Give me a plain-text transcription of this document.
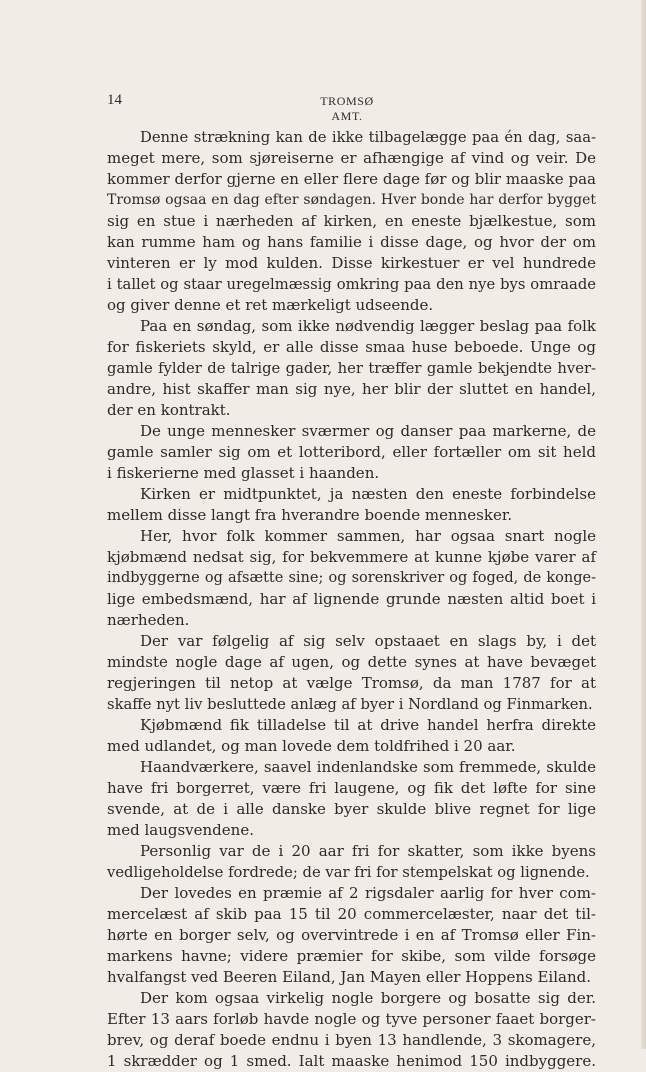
14	TROMSØ AMT.
Denne strækning kan de ikke tilbagelægge paa én dag, saa-
meget mere, som sjøreiserne er afhængige af vind og veir. De
kommer derfor gjerne en eller flere dage før og blir maaske paa
Tromsø ogsaa en dag efter søndagen. Hver bonde har derfor bygget
sig en stue i nærheden af kirken, en eneste bjælkestue, som
kan rumme ham og hans familie i disse dage, og hvor der om
vinteren er ly mod kulden. Disse kirkestuer er vel hundrede
i tallet og staar uregelmæssig omkring paa den nye bys omraade
og giver denne et ret mærkeligt udseende.
Paa en søndag, som ikke nødvendig lægger beslag paa folk
for fiskeriets skyld, er alle disse smaa huse beboede. Unge og
gamle fylder de talrige gader, her træffer gamle bekjendte hver-
andre, hist skaffer man sig nye, her blir der sluttet en handel,
der en kontrakt.
De unge mennesker sværmer og danser paa markerne, de
gamle samler sig om et lotteribord, eller fortæller om sit held
i fiskerierne med glasset i haanden.
Kirken er midtpunktet, ja næsten den eneste forbindelse
mellem disse langt fra hverandre boende mennesker.
Her, hvor folk kommer sammen, har ogsaa snart nogle
kjøbmænd nedsat sig, for bekvemmere at kunne kjøbe varer af
indbyggerne og afsætte sine; og sorenskriver og foged, de konge-
lige embedsmænd, har af lignende grunde næsten altid boet i
nærheden.
Der var følgelig af sig selv opstaaet en slags by, i det
mindste nogle dage af ugen, og dette synes at have bevæget
regjeringen til netop at vælge Tromsø, da man 1787 for at
skaffe nyt liv besluttede anlæg af byer i Nordland og Finmarken.
Kjøbmænd fik tilladelse til at drive handel herfra direkte
med udlandet, og man lovede dem toldfrihed i 20 aar.
Haandværkere, saavel indenlandske som fremmede, skulde
have fri borgerret, være fri laugene, og fik det løfte for sine
svende, at de i alle danske byer skulde blive regnet for lige
med laugsvendene.
Personlig var de i 20 aar fri for skatter, som ikke byens
vedligeholdelse fordrede; de var fri for stempelskat og lignende.
Der lovedes en præmie af 2 rigsdaler aarlig for hver com-
mercelæst af skib paa 15 til 20 commercelæster, naar det til-
hørte en borger selv, og overvintrede i en af Tromsø eller Fin-
markens havne; videre præmier for skibe, som vilde forsøge
hvalfangst ved Beeren Eiland, Jan Mayen eller Hoppens Eiland.
Der kom ogsaa virkelig nogle borgere og bosatte sig der.
Efter 13 aars forløb havde nogle og tyve personer faaet borger-
brev, og deraf boede endnu i byen 13 handlende, 3 skomagere,
1 skrædder og 1 smed. Ialt maaske henimod 150 indbyggere.
